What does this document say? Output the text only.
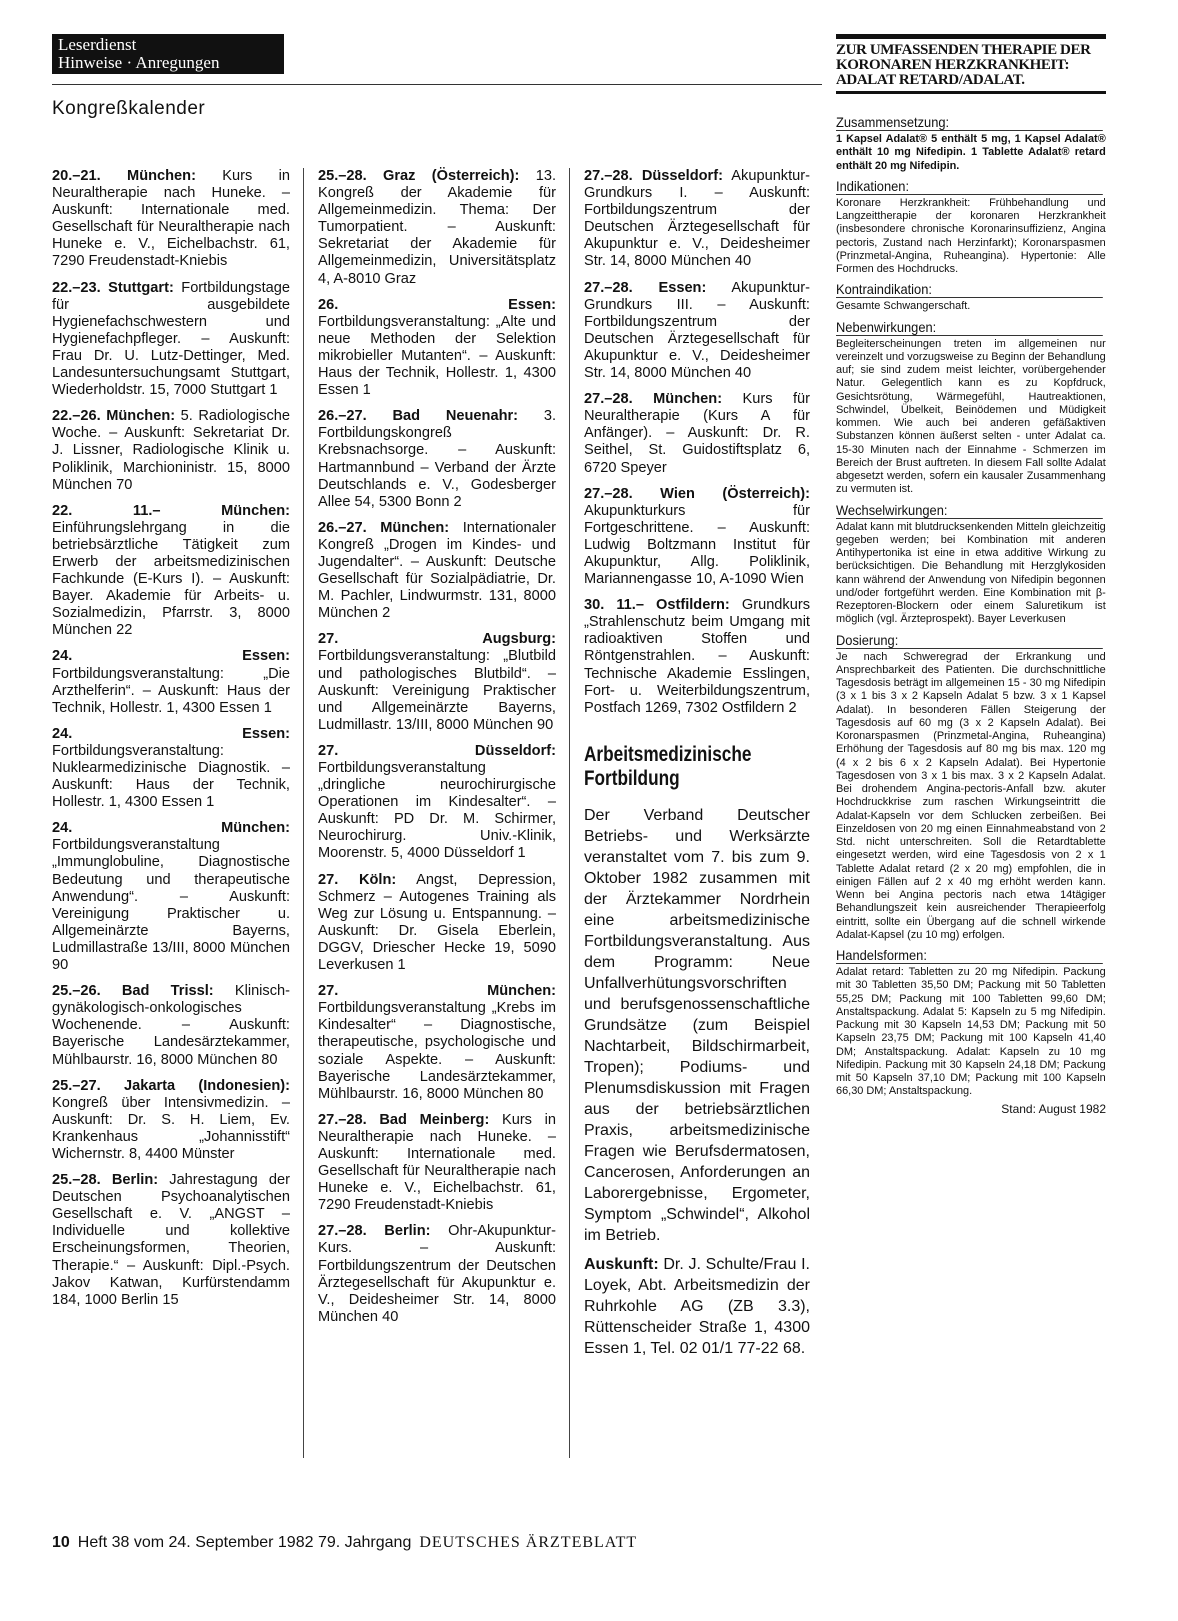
Leserdienst
Hinweise · Anregungen
Kongreßkalender
20.–21. München: Kurs in Neuraltherapie nach Huneke. – Auskunft: Internationale med. Gesellschaft für Neuraltherapie nach Huneke e. V., Eichelbachstr. 61, 7290 Freudenstadt-Kniebis
22.–23. Stuttgart: Fortbildungstage für ausgebildete Hygienefachschwestern und Hygienefachpfleger. – Auskunft: Frau Dr. U. Lutz-Dettinger, Med. Landesuntersuchungsamt Stuttgart, Wiederholdstr. 15, 7000 Stuttgart 1
22.–26. München: 5. Radiologische Woche. – Auskunft: Sekretariat Dr. J. Lissner, Radiologische Klinik u. Poliklinik, Marchioninistr. 15, 8000 München 70
22. 11.– München: Einführungslehrgang in die betriebsärztliche Tätigkeit zum Erwerb der arbeitsmedizinischen Fachkunde (E-Kurs I). – Auskunft: Bayer. Akademie für Arbeits- u. Sozialmedizin, Pfarrstr. 3, 8000 München 22
24. Essen: Fortbildungsveranstaltung: „Die Arzthelferin“. – Auskunft: Haus der Technik, Hollestr. 1, 4300 Essen 1
24. Essen: Fortbildungsveranstaltung: Nuklearmedizinische Diagnostik. – Auskunft: Haus der Technik, Hollestr. 1, 4300 Essen 1
24. München: Fortbildungsveranstaltung „Immunglobuline, Diagnostische Bedeutung und therapeutische Anwendung“. – Auskunft: Vereinigung Praktischer u. Allgemeinärzte Bayerns, Ludmillastraße 13/III, 8000 München 90
25.–26. Bad Trissl: Klinisch-gynäkologisch-onkologisches Wochenende. – Auskunft: Bayerische Landesärztekammer, Mühlbaurstr. 16, 8000 München 80
25.–27. Jakarta (Indonesien): Kongreß über Intensivmedizin. – Auskunft: Dr. S. H. Liem, Ev. Krankenhaus „Johannisstift“ Wichernstr. 8, 4400 Münster
25.–28. Berlin: Jahrestagung der Deutschen Psychoanalytischen Gesellschaft e. V. „ANGST – Individuelle und kollektive Erscheinungsformen, Theorien, Therapie.“ – Auskunft: Dipl.-Psych. Jakov Katwan, Kurfürstendamm 184, 1000 Berlin 15
25.–28. Graz (Österreich): 13. Kongreß der Akademie für Allgemeinmedizin. Thema: Der Tumorpatient. – Auskunft: Sekretariat der Akademie für Allgemeinmedizin, Universitätsplatz 4, A-8010 Graz
26. Essen: Fortbildungsveranstaltung: „Alte und neue Methoden der Selektion mikrobieller Mutanten“. – Auskunft: Haus der Technik, Hollestr. 1, 4300 Essen 1
26.–27. Bad Neuenahr: 3. Fortbildungskongreß Krebsnachsorge. – Auskunft: Hartmannbund – Verband der Ärzte Deutschlands e. V., Godesberger Allee 54, 5300 Bonn 2
26.–27. München: Internationaler Kongreß „Drogen im Kindes- und Jugendalter“. – Auskunft: Deutsche Gesellschaft für Sozialpädiatrie, Dr. M. Pachler, Lindwurmstr. 131, 8000 München 2
27. Augsburg: Fortbildungsveranstaltung: „Blutbild und pathologisches Blutbild“. – Auskunft: Vereinigung Praktischer und Allgemeinärzte Bayerns, Ludmillastr. 13/III, 8000 München 90
27. Düsseldorf: Fortbildungsveranstaltung „dringliche neurochirurgische Operationen im Kindesalter“. – Auskunft: PD Dr. M. Schirmer, Neurochirurg. Univ.-Klinik, Moorenstr. 5, 4000 Düsseldorf 1
27. Köln: Angst, Depression, Schmerz – Autogenes Training als Weg zur Lösung u. Entspannung. – Auskunft: Dr. Gisela Eberlein, DGGV, Driescher Hecke 19, 5090 Leverkusen 1
27. München: Fortbildungsveranstaltung „Krebs im Kindesalter“ – Diagnostische, therapeutische, psychologische und soziale Aspekte. – Auskunft: Bayerische Landesärztekammer, Mühlbaurstr. 16, 8000 München 80
27.–28. Bad Meinberg: Kurs in Neuraltherapie nach Huneke. – Auskunft: Internationale med. Gesellschaft für Neuraltherapie nach Huneke e. V., Eichelbachstr. 61, 7290 Freudenstadt-Kniebis
27.–28. Berlin: Ohr-Akupunktur-Kurs. – Auskunft: Fortbildungszentrum der Deutschen Ärztegesellschaft für Akupunktur e. V., Deidesheimer Str. 14, 8000 München 40
27.–28. Düsseldorf: Akupunktur-Grundkurs I. – Auskunft: Fortbildungszentrum der Deutschen Ärztegesellschaft für Akupunktur e. V., Deidesheimer Str. 14, 8000 München 40
27.–28. Essen: Akupunktur-Grundkurs III. – Auskunft: Fortbildungszentrum der Deutschen Ärztegesellschaft für Akupunktur e. V., Deidesheimer Str. 14, 8000 München 40
27.–28. München: Kurs für Neuraltherapie (Kurs A für Anfänger). – Auskunft: Dr. R. Seithel, St. Guidostiftsplatz 6, 6720 Speyer
27.–28. Wien (Österreich): Akupunkturkurs für Fortgeschrittene. – Auskunft: Ludwig Boltzmann Institut für Akupunktur, Allg. Poliklinik, Mariannengasse 10, A-1090 Wien
30. 11.– Ostfildern: Grundkurs „Strahlenschutz beim Umgang mit radioaktiven Stoffen und Röntgenstrahlen. – Auskunft: Technische Akademie Esslingen, Fort- u. Weiterbildungszentrum, Postfach 1269, 7302 Ostfildern 2
Arbeitsmedizinische
Fortbildung

Der Verband Deutscher Betriebs- und Werksärzte veranstaltet vom 7. bis zum 9. Oktober 1982 zusammen mit der Ärztekammer Nordrhein eine arbeitsmedizinische Fortbildungsveranstaltung. Aus dem Programm: Neue Unfallverhütungsvorschriften und berufsgenossenschaftliche Grundsätze (zum Beispiel Nachtarbeit, Bildschirmarbeit, Tropen); Podiums- und Plenumsdiskussion mit Fragen aus der betriebsärztlichen Praxis, arbeitsmedizinische Fragen wie Berufsdermatosen, Cancerosen, Anforderungen an Laborergebnisse, Ergometer, Symptom „Schwindel“, Alkohol im Betrieb.

Auskunft: Dr. J. Schulte/Frau I. Loyek, Abt. Arbeitsmedizin der Ruhrkohle AG (ZB 3.3), Rüttenscheider Straße 1, 4300 Essen 1, Tel. 02 01/1 77-22 68.

ZUR UMFASSENDEN THERAPIE DER KORONAREN HERZKRANKHEIT: ADALAT RETARD/ADALAT.
Zusammensetzung:
1 Kapsel Adalat® 5 enthält 5 mg, 1 Kapsel Adalat® enthält 10 mg Nifedipin. 1 Tablette Adalat® retard enthält 20 mg Nifedipin.
Indikationen:
Koronare Herzkrankheit: Frühbehandlung und Langzeittherapie der koronaren Herzkrankheit (insbesondere chronische Koronarinsuffizienz, Angina pectoris, Zustand nach Herzinfarkt); Koronarspasmen (Prinzmetal-Angina, Ruheangina). Hypertonie: Alle Formen des Hochdrucks.
Kontraindikation:
Gesamte Schwangerschaft.
Nebenwirkungen:
Begleiterscheinungen treten im allgemeinen nur vereinzelt und vorzugsweise zu Beginn der Behandlung auf; sie sind zudem meist leichter, vorübergehender Natur. Gelegentlich kann es zu Kopfdruck, Gesichtsrötung, Wärmegefühl, Hautreaktionen, Schwindel, Übelkeit, Beinödemen und Müdigkeit kommen. Wie auch bei anderen gefäßaktiven Substanzen können äußerst selten - unter Adalat ca. 15-30 Minuten nach der Einnahme - Schmerzen im Bereich der Brust auftreten. In diesem Fall sollte Adalat abgesetzt werden, sofern ein kausaler Zusammenhang zu vermuten ist.
Wechselwirkungen:
Adalat kann mit blutdrucksenkenden Mitteln gleichzeitig gegeben werden; bei Kombination mit anderen Antihypertonika ist eine in etwa additive Wirkung zu berücksichtigen. Die Behandlung mit Herzglykosiden kann während der Anwendung von Nifedipin begonnen und/oder fortgeführt werden. Eine Kombination mit β-Rezeptoren-Blockern oder einem Saluretikum ist möglich (vgl. Ärzteprospekt). Bayer Leverkusen
Dosierung:
Je nach Schweregrad der Erkrankung und Ansprechbarkeit des Patienten. Die durchschnittliche Tagesdosis beträgt im allgemeinen 15 - 30 mg Nifedipin (3 x 1 bis 3 x 2 Kapseln Adalat 5 bzw. 3 x 1 Kapsel Adalat). In besonderen Fällen Steigerung der Tagesdosis auf 60 mg (3 x 2 Kapseln Adalat). Bei Koronarspasmen (Prinzmetal-Angina, Ruheangina) Erhöhung der Tagesdosis auf 80 mg bis max. 120 mg (4 x 2 bis 6 x 2 Kapseln Adalat). Bei Hypertonie Tagesdosen von 3 x 1 bis max. 3 x 2 Kapseln Adalat. Bei drohendem Angina-pectoris-Anfall bzw. akuter Hochdruckkrise zum raschen Wirkungseintritt die Adalat-Kapseln vor dem Schlucken zerbeißen. Bei Einzeldosen von 20 mg einen Einnahmeabstand von 2 Std. nicht unterschreiten. Soll die Retardtablette eingesetzt werden, wird eine Tagesdosis von 2 x 1 Tablette Adalat retard (2 x 20 mg) empfohlen, die in einigen Fällen auf 2 x 40 mg erhöht werden kann. Wenn bei Angina pectoris nach etwa 14tägiger Behandlungszeit kein ausreichender Therapieerfolg eintritt, sollte ein Übergang auf die schnell wirkende Adalat-Kapsel (zu 10 mg) erfolgen.
Handelsformen:
Adalat retard: Tabletten zu 20 mg Nifedipin. Packung mit 30 Tabletten 35,50 DM; Packung mit 50 Tabletten 55,25 DM; Packung mit 100 Tabletten 99,60 DM; Anstaltspackung. Adalat 5: Kapseln zu 5 mg Nifedipin. Packung mit 30 Kapseln 14,53 DM; Packung mit 50 Kapseln 23,75 DM; Packung mit 100 Kapseln 41,40 DM; Anstaltspackung. Adalat: Kapseln zu 10 mg Nifedipin. Packung mit 30 Kapseln 24,18 DM; Packung mit 50 Kapseln 37,10 DM; Packung mit 100 Kapseln 66,30 DM; Anstaltspackung.
Stand: August 1982
10 Heft 38 vom 24. September 1982 79. Jahrgang DEUTSCHES ÄRZTEBLATT
